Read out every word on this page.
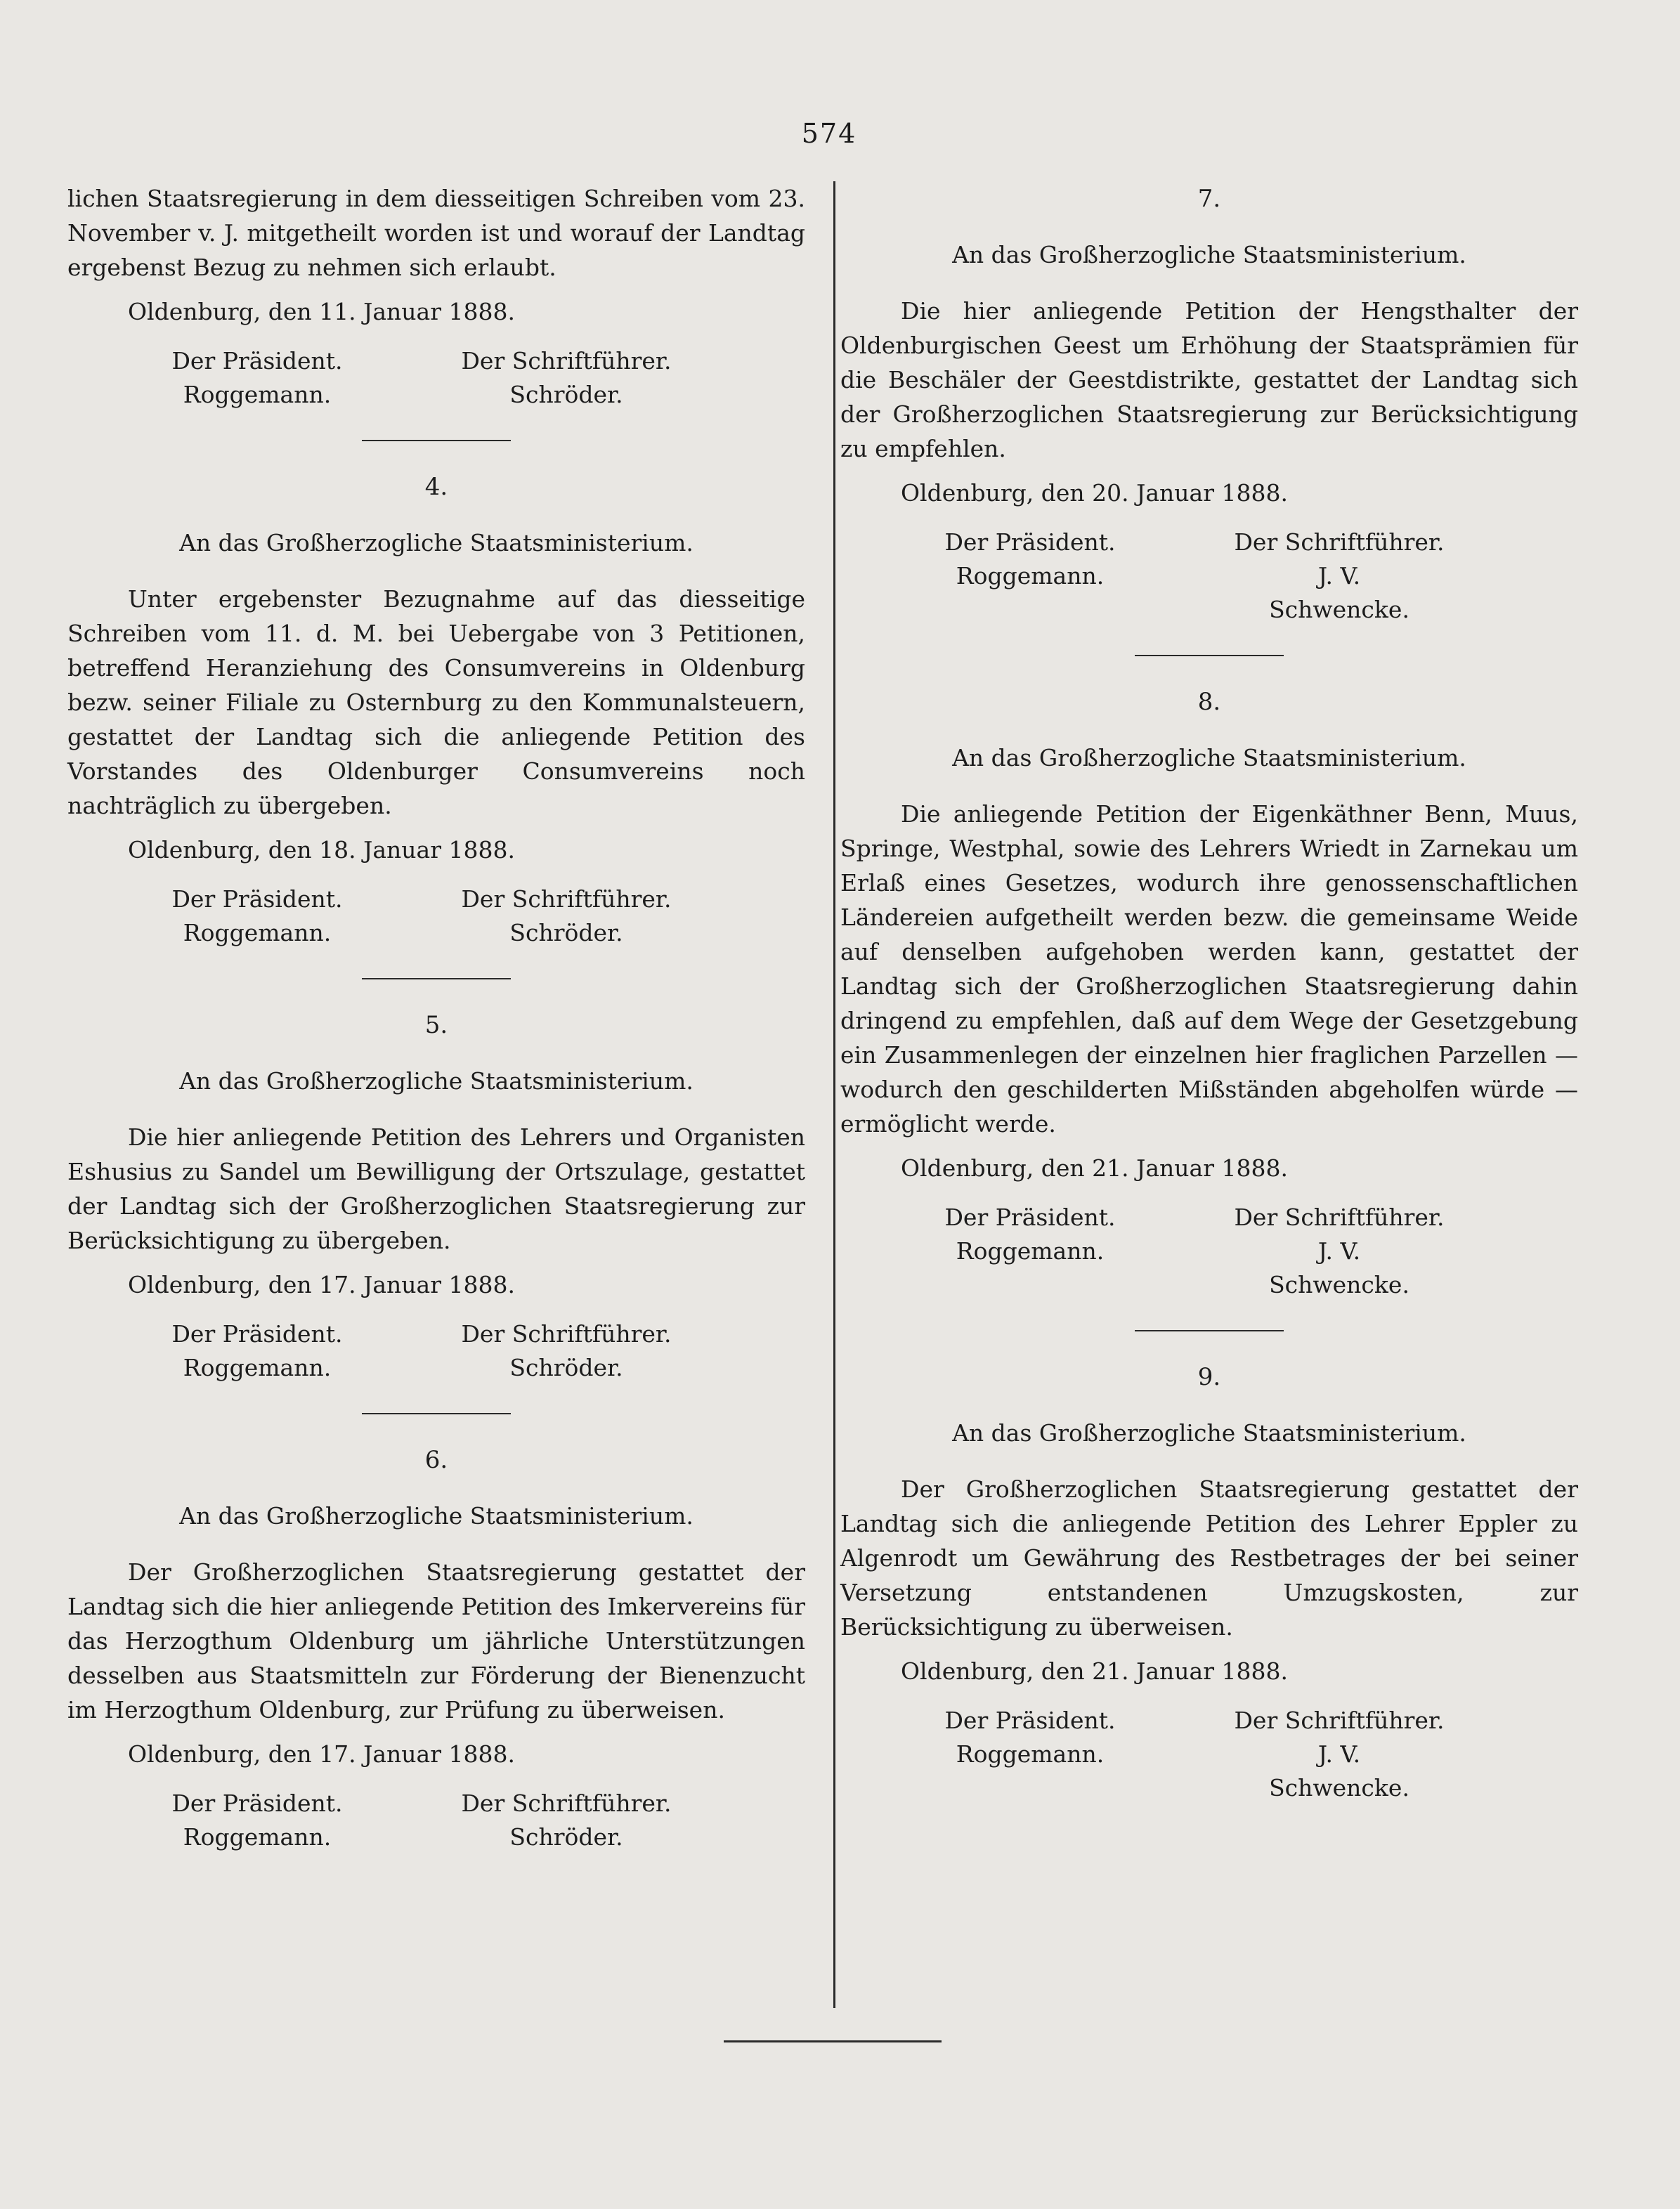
574

lichen Staatsregierung in dem diesseitigen Schreiben vom 23. November v. J. mitgetheilt worden ist und worauf der Landtag ergebenst Bezug zu nehmen sich erlaubt.

Oldenburg, den 11. Januar 1888.
Der Präsident.
Roggemann.
Der Schriftführer.
Schröder.
4.
An das Großherzogliche Staatsministerium.

Unter ergebenster Bezugnahme auf das diesseitige Schreiben vom 11. d. M. bei Uebergabe von 3 Petitionen, betreffend Heranziehung des Consumvereins in Oldenburg bezw. seiner Filiale zu Osternburg zu den Kommunalsteuern, gestattet der Landtag sich die anliegende Petition des Vorstandes des Oldenburger Consumvereins noch nachträglich zu übergeben.

Oldenburg, den 18. Januar 1888.
Der Präsident.
Roggemann.
Der Schriftführer.
Schröder.
5.
An das Großherzogliche Staatsministerium.

Die hier anliegende Petition des Lehrers und Organisten Eshusius zu Sandel um Bewilligung der Ortszulage, gestattet der Landtag sich der Großherzoglichen Staatsregierung zur Berücksichtigung zu übergeben.

Oldenburg, den 17. Januar 1888.
Der Präsident.
Roggemann.
Der Schriftführer.
Schröder.
6.
An das Großherzogliche Staatsministerium.

Der Großherzoglichen Staatsregierung gestattet der Landtag sich die hier anliegende Petition des Imkervereins für das Herzogthum Oldenburg um jährliche Unterstützungen desselben aus Staatsmitteln zur Förderung der Bienenzucht im Herzogthum Oldenburg, zur Prüfung zu überweisen.

Oldenburg, den 17. Januar 1888.
Der Präsident.
Roggemann.
Der Schriftführer.
Schröder.
7.
An das Großherzogliche Staatsministerium.

Die hier anliegende Petition der Hengsthalter der Oldenburgischen Geest um Erhöhung der Staatsprämien für die Beschäler der Geestdistrikte, gestattet der Landtag sich der Großherzoglichen Staatsregierung zur Berücksichtigung zu empfehlen.

Oldenburg, den 20. Januar 1888.
Der Präsident.
Roggemann.
Der Schriftführer.
J. V.
Schwencke.
8.
An das Großherzogliche Staatsministerium.

Die anliegende Petition der Eigenkäthner Benn, Muus, Springe, Westphal, sowie des Lehrers Wriedt in Zarnekau um Erlaß eines Gesetzes, wodurch ihre genossenschaftlichen Ländereien aufgetheilt werden bezw. die gemeinsame Weide auf denselben aufgehoben werden kann, gestattet der Landtag sich der Großherzoglichen Staatsregierung dahin dringend zu empfehlen, daß auf dem Wege der Gesetzgebung ein Zusammenlegen der einzelnen hier fraglichen Parzellen — wodurch den geschilderten Mißständen abgeholfen würde — ermöglicht werde.

Oldenburg, den 21. Januar 1888.
Der Präsident.
Roggemann.
Der Schriftführer.
J. V.
Schwencke.
9.
An das Großherzogliche Staatsministerium.

Der Großherzoglichen Staatsregierung gestattet der Landtag sich die anliegende Petition des Lehrer Eppler zu Algenrodt um Gewährung des Restbetrages der bei seiner Versetzung entstandenen Umzugskosten, zur Berücksichtigung zu überweisen.

Oldenburg, den 21. Januar 1888.
Der Präsident.
Roggemann.
Der Schriftführer.
J. V.
Schwencke.
